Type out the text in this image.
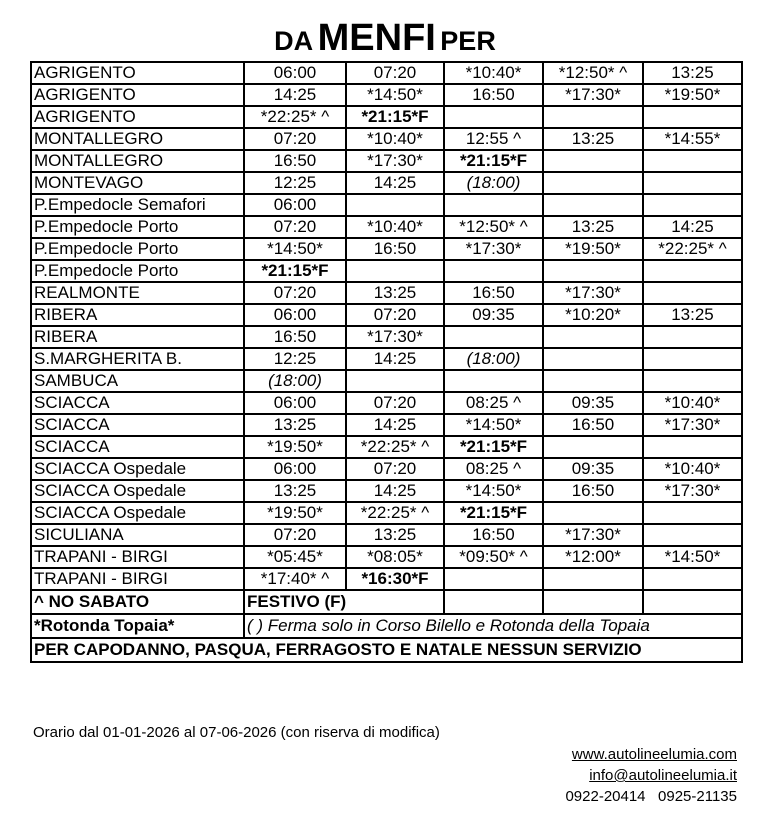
DA MENFI PER
AGRIGENTO	06:00	07:20	*10:40*	*12:50* ^	13:25
AGRIGENTO	14:25	*14:50*	16:50	*17:30*	*19:50*
AGRIGENTO	*22:25* ^	*21:15*F			
MONTALLEGRO	07:20	*10:40*	12:55 ^	13:25	*14:55*
MONTALLEGRO	16:50	*17:30*	*21:15*F		
MONTEVAGO	12:25	14:25	(18:00)		
P.Empedocle Semafori	06:00				
P.Empedocle Porto	07:20	*10:40*	*12:50* ^	13:25	14:25
P.Empedocle Porto	*14:50*	16:50	*17:30*	*19:50*	*22:25* ^
P.Empedocle Porto	*21:15*F				
REALMONTE	07:20	13:25	16:50	*17:30*	
RIBERA	06:00	07:20	09:35	*10:20*	13:25
RIBERA	16:50	*17:30*			
S.MARGHERITA B.	12:25	14:25	(18:00)		
SAMBUCA	(18:00)				
SCIACCA	06:00	07:20	08:25 ^	09:35	*10:40*
SCIACCA	13:25	14:25	*14:50*	16:50	*17:30*
SCIACCA	*19:50*	*22:25* ^	*21:15*F		
SCIACCA Ospedale	06:00	07:20	08:25 ^	09:35	*10:40*
SCIACCA Ospedale	13:25	14:25	*14:50*	16:50	*17:30*
SCIACCA Ospedale	*19:50*	*22:25* ^	*21:15*F		
SICULIANA	07:20	13:25	16:50	*17:30*	
TRAPANI - BIRGI	*05:45*	*08:05*	*09:50* ^	*12:00*	*14:50*
TRAPANI - BIRGI	*17:40* ^	*16:30*F			
^ NO SABATO	FESTIVO (F)				
*Rotonda Topaia*	( ) Ferma solo in Corso Bilello e Rotonda della Topaia				
PER CAPODANNO, PASQUA, FERRAGOSTO E NATALE NESSUN SERVIZIO					
Orario dal 01-01-2026 al 07-06-2026 (con riserva di modifica)
www.autolineelumia.com
info@autolineelumia.it
0922-20414   0925-21135
